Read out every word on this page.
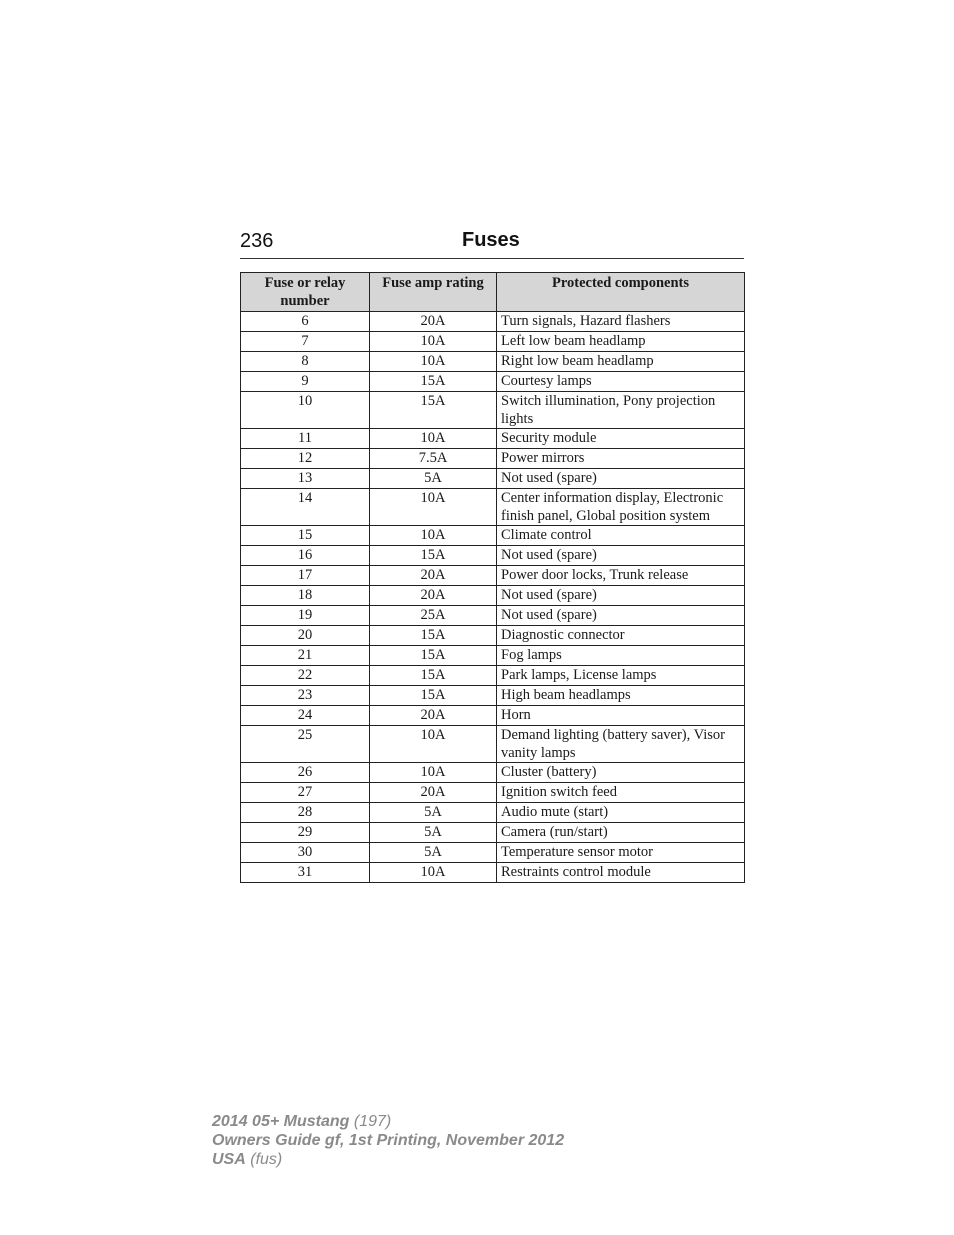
236	Fuses
Fuse or relay number	Fuse amp rating	Protected components
6	20A	Turn signals, Hazard flashers
7	10A	Left low beam headlamp
8	10A	Right low beam headlamp
9	15A	Courtesy lamps
10	15A	Switch illumination, Pony projection lights
11	10A	Security module
12	7.5A	Power mirrors
13	5A	Not used (spare)
14	10A	Center information display, Electronic finish panel, Global position system
15	10A	Climate control
16	15A	Not used (spare)
17	20A	Power door locks, Trunk release
18	20A	Not used (spare)
19	25A	Not used (spare)
20	15A	Diagnostic connector
21	15A	Fog lamps
22	15A	Park lamps, License lamps
23	15A	High beam headlamps
24	20A	Horn
25	10A	Demand lighting (battery saver), Visor vanity lamps
26	10A	Cluster (battery)
27	20A	Ignition switch feed
28	5A	Audio mute (start)
29	5A	Camera (run/start)
30	5A	Temperature sensor motor
31	10A	Restraints control module
2014 05+ Mustang (197)
Owners Guide gf, 1st Printing, November 2012
USA (fus)
